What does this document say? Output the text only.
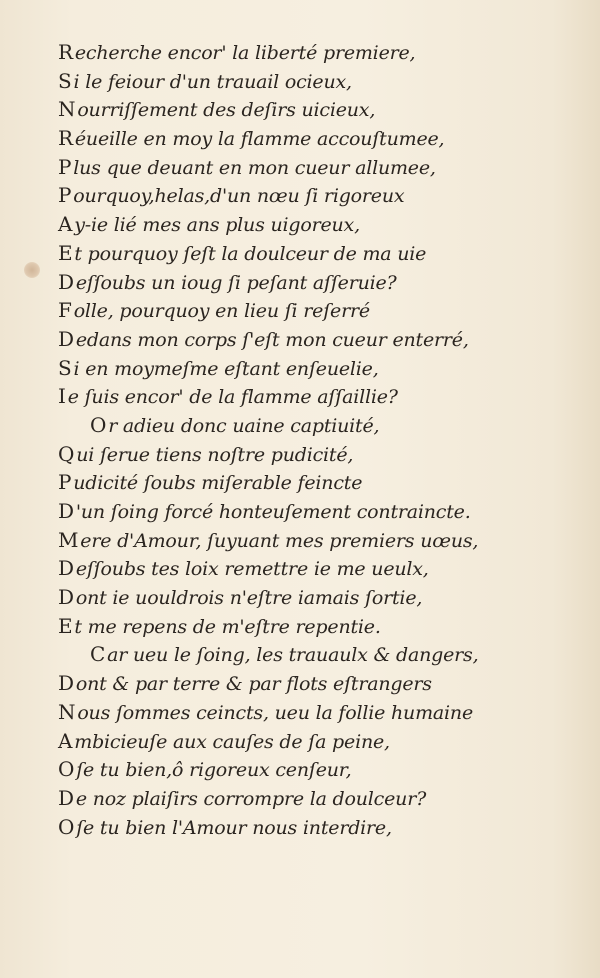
R echerche encor' la liberté premiere,
S i le feiour d'un trauail ocieux,
N ourriſſement des deſirs uicieux,
R éueille en moy la flamme accouſtumee,
P lus que deuant en mon cueur allumee,
P ourquoy,helas,d'un nœu ſi rigoreux
A y-ie lié mes ans plus uigoreux,
E t pourquoy ſeſt la doulceur de ma uie
D eſſoubs un ioug ſi peſant aſſeruie?
F olle, pourquoy en lieu ſi reſerré
D edans mon corps ſ'eſt mon cueur enterré,
S i en moymeſme eſtant enſeuelie,
I e ſuis encor' de la flamme aſſaillie?
O r adieu donc uaine captiuité,
Q ui ſerue tiens noſtre pudicité,
P udicité ſoubs miſerable feincte
D 'un ſoing forcé honteuſement contraincte.
M ere d'Amour, ſuyuant mes premiers uœus,
D eſſoubs tes loix remettre ie me ueulx,
D ont ie uouldrois n'eſtre iamais ſortie,
E t me repens de m'eſtre repentie.
C ar ueu le ſoing, les trauaulx & dangers,
D ont & par terre & par flots eſtrangers
N ous ſommes ceincts, ueu la follie humaine
A mbicieuſe aux cauſes de ſa peine,
O ſe tu bien,ô rigoreux cenſeur,
D e noz plaiſirs corrompre la doulceur?
O ſe tu bien l'Amour nous interdire,
